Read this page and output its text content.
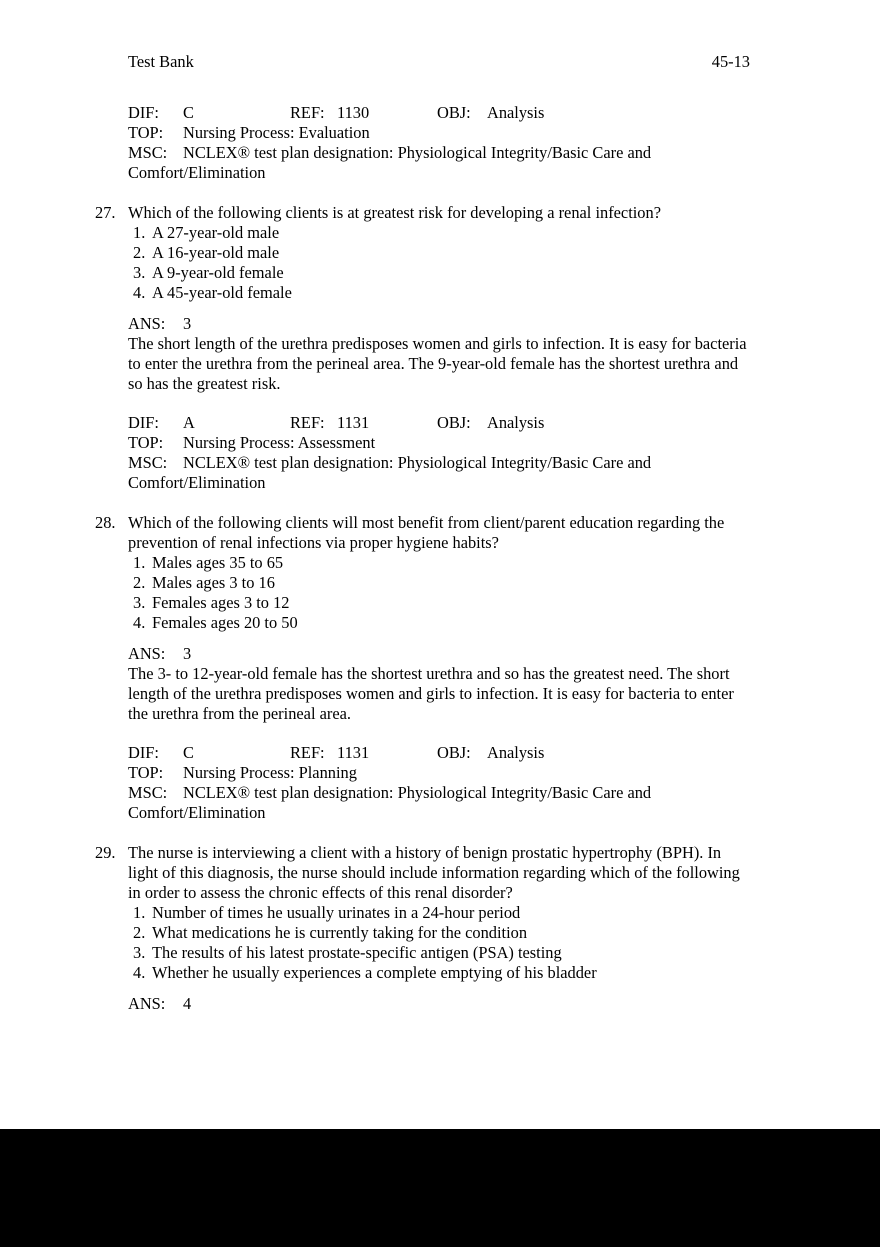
Test Bank	45-13
DIF: C	REF: 1130	OBJ: Analysis
TOP: Nursing Process: Evaluation
MSC: NCLEX® test plan designation: Physiological Integrity/Basic Care and Comfort/Elimination
27. Which of the following clients is at greatest risk for developing a renal infection?
1. A 27-year-old male
2. A 16-year-old male
3. A 9-year-old female
4. A 45-year-old female
ANS: 3
The short length of the urethra predisposes women and girls to infection. It is easy for bacteria to enter the urethra from the perineal area. The 9-year-old female has the shortest urethra and so has the greatest risk.
DIF: A	REF: 1131	OBJ: Analysis
TOP: Nursing Process: Assessment
MSC: NCLEX® test plan designation: Physiological Integrity/Basic Care and Comfort/Elimination
28. Which of the following clients will most benefit from client/parent education regarding the prevention of renal infections via proper hygiene habits?
1. Males ages 35 to 65
2. Males ages 3 to 16
3. Females ages 3 to 12
4. Females ages 20 to 50
ANS: 3
The 3- to 12-year-old female has the shortest urethra and so has the greatest need. The short length of the urethra predisposes women and girls to infection. It is easy for bacteria to enter the urethra from the perineal area.
DIF: C	REF: 1131	OBJ: Analysis
TOP: Nursing Process: Planning
MSC: NCLEX® test plan designation: Physiological Integrity/Basic Care and Comfort/Elimination
29. The nurse is interviewing a client with a history of benign prostatic hypertrophy (BPH). In light of this diagnosis, the nurse should include information regarding which of the following in order to assess the chronic effects of this renal disorder?
1. Number of times he usually urinates in a 24-hour period
2. What medications he is currently taking for the condition
3. The results of his latest prostate-specific antigen (PSA) testing
4. Whether he usually experiences a complete emptying of his bladder
ANS: 4
